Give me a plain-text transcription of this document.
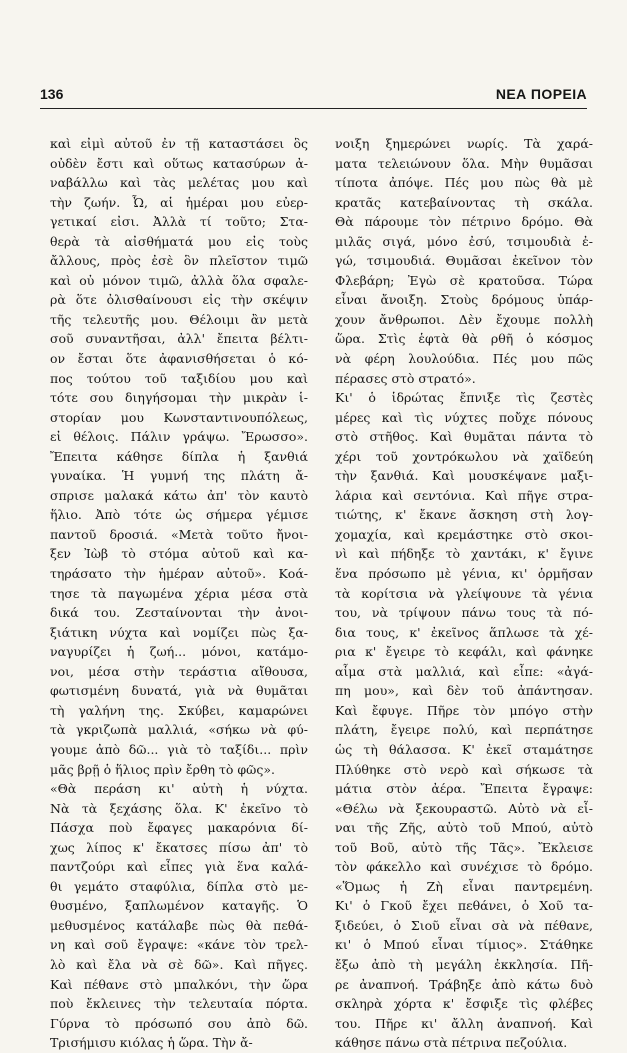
136	ΝΕΑ ΠΟΡΕΙΑ
καὶ εἰμὶ αὐτοῦ ἐν τῇ καταστάσει ὃς
οὐδὲν ἔστι καὶ οὕτως κατασύρων ἀ-
ναβάλλω καὶ τὰς μελέτας μου καὶ
τὴν ζωήν. Ὦ, αἱ ἡμέραι μου εὐερ-
γετικαί εἰσι. Ἀλλὰ τί τοῦτο; Στα-
θερὰ τὰ αἰσθήματά μου εἰς τοὺς
ἄλλους, πρὸς ἐσὲ ὃν πλεῖστον τιμῶ
καὶ οὐ μόνον τιμῶ, ἀλλὰ ὅλα σφαλε-
ρὰ ὅτε ὀλισθαίνουσι εἰς τὴν σκέψιν
τῆς τελευτῆς μου. Θέλοιμι ἂν μετὰ
σοῦ συναντῆσαι, ἀλλ' ἔπειτα βέλτι-
ον ἔσται ὅτε ἀφανισθήσεται ὁ κό-
πος τούτου τοῦ ταξιδίου μου καὶ
τότε σου διηγήσομαι τὴν μικρὰν ἱ-
στορίαν μου Κωνσταντινουπόλεως,
εἰ θέλοις. Πάλιν γράψω. Ἔρωσσο».
Ἔπειτα κάθησε δίπλα ἡ ξανθιά
γυναίκα. Ἡ γυμνή της πλάτη ἄ-
σπρισε μαλακά κάτω ἀπ' τὸν καυτὸ
ἥλιο. Ἀπὸ τότε ὡς σήμερα γέμισε
παντοῦ δροσιά. «Μετὰ τοῦτο ἤνοι-
ξεν Ἰὼβ τὸ στόμα αὐτοῦ καὶ κα-
τηράσατο τὴν ἡμέραν αὐτοῦ». Κοά-
τησε τὰ παγωμένα χέρια μέσα στὰ
δικά του. Ζεσταίνονται τὴν ἀνοι-
ξιάτικη νύχτα καὶ νομίζει πὼς ξα-
ναγυρίζει ἡ ζωή... μόνοι, κατάμο-
νοι, μέσα στὴν τεράστια αἴθουσα,
φωτισμένη δυνατά, γιὰ νὰ θυμᾶται
τὴ γαλήνη της. Σκύβει, καμαρώνει
τὰ γκριζωπὰ μαλλιά, «σήκω νὰ φύ-
γουμε ἀπὸ δῶ... γιὰ τὸ ταξίδι... πρὶν
μᾶς βρῇ ὁ ἥλιος πρὶν ἔρθη τὸ φῶς».
«Θὰ περάση κι' αὐτὴ ἡ νύχτα.
Νὰ τὰ ξεχάσης ὅλα. Κ' ἐκεῖνο τὸ
Πάσχα ποὺ ἔφαγες μακαρόνια δί-
χως λίπος κ' ἔκατσες πίσω ἀπ' τὸ
παντζούρι καὶ εἶπες γιὰ ἕνα καλά-
θι γεμάτο σταφύλια, δίπλα στὸ με-
θυσμένο, ξαπλωμένον καταγῆς. Ὁ
μεθυσμένος κατάλαβε πὼς θὰ πεθά-
νη καὶ σοῦ ἔγραψε: «κάνε τὸν τρελ-
λὸ καὶ ἔλα νὰ σὲ δῶ». Καὶ πῆγες.
Καὶ πέθανε στὸ μπαλκόνι, τὴν ὥρα
ποὺ ἔκλεινες τὴν τελευταία πόρτα.
Γύρνα τὸ πρόσωπό σου ἀπὸ δῶ.
Τρισήμισυ κιόλας ἡ ὥρα. Τὴν ἄ-
νοιξη ξημερώνει νωρίς. Τὰ χαρά-
ματα τελειώνουν ὅλα. Μὴν θυμᾶσαι
τίποτα ἀπόψε. Πές μου πὼς θὰ μὲ
κρατᾶς κατεβαίνοντας τὴ σκάλα.
Θὰ πάρουμε τὸν πέτρινο δρόμο. Θὰ
μιλᾶς σιγά, μόνο ἐσύ, τσιμουδιὰ ἐ-
γώ, τσιμουδιά. Θυμᾶσαι ἐκεῖνον τὸν
Φλεβάρη; Ἐγὼ σὲ κρατοῦσα. Τώρα
εἶναι ἄνοιξη. Στοὺς δρόμους ὑπάρ-
χουν ἄνθρωποι. Δὲν ἔχουμε πολλὴ
ὥρα. Στὶς ἑφτὰ θὰ ρθῆ ὁ κόσμος
νὰ φέρη λουλούδια. Πές μου πῶς
πέρασες στὸ στρατό».
Κι' ὁ ἱδρώτας ἔπνιξε τὶς ζεστὲς
μέρες καὶ τὶς νύχτες ποὔχε πόνους
στὸ στῆθος. Καὶ θυμᾶται πάντα τὸ
χέρι τοῦ χοντρόκωλου νὰ χαϊδεύη
τὴν ξανθιά. Καὶ μουσκέψανε μαξι-
λάρια καὶ σεντόνια. Καὶ πῆγε στρα-
τιώτης, κ' ἔκανε ἄσκηση στὴ λογ-
χομαχία, καὶ κρεμάστηκε στὸ σκοι-
νὶ καὶ πήδηξε τὸ χαντάκι, κ' ἔγινε
ἕνα πρόσωπο μὲ γένια, κι' ὁρμῆσαν
τὰ κορίτσια νὰ γλείψουνε τὰ γένια
του, νὰ τρίψουν πάνω τους τὰ πό-
δια τους, κ' ἐκεῖνος ἅπλωσε τὰ χέ-
ρια κ' ἔγειρε τὸ κεφάλι, καὶ φάνηκε
αἷμα στὰ μαλλιά, καὶ εἶπε: «ἀγά-
πη μου», καὶ δὲν τοῦ ἀπάντησαν.
Καὶ ἔφυγε. Πῆρε τὸν μπόγο στὴν
πλάτη, ἔγειρε πολύ, καὶ περπάτησε
ὡς τὴ θάλασσα. Κ' ἐκεῖ σταμάτησε
Πλύθηκε στὸ νερὸ καὶ σήκωσε τὰ
μάτια στὸν ἀέρα. Ἔπειτα ἔγραψε:
«Θέλω νὰ ξεκουραστῶ. Αὐτὸ νὰ εἶ-
ναι τῆς Ζῆς, αὐτὸ τοῦ Μπού, αὐτὸ
τοῦ Βοῦ, αὐτὸ τῆς Τᾶς». Ἔκλεισε
τὸν φάκελλο καὶ συνέχισε τὸ δρόμο.
«Ὅμως ἡ Ζὴ εἶναι παντρεμένη.
Κι' ὁ Γκοῦ ἔχει πεθάνει, ὁ Χοῦ τα-
ξιδεύει, ὁ Σιοῦ εἶναι σὰ νὰ πέθανε,
κι' ὁ Μπού εἶναι τίμιος». Στάθηκε
ἔξω ἀπὸ τὴ μεγάλη ἐκκλησία. Πῆ-
ρε ἀναπνοή. Τράβηξε ἀπὸ κάτω δυὸ
σκληρὰ χόρτα κ' ἔσφιξε τὶς φλέβες
του. Πῆρε κι' ἄλλη ἀναπνοή. Καὶ
κάθησε πάνω στὰ πέτρινα πεζούλια.
